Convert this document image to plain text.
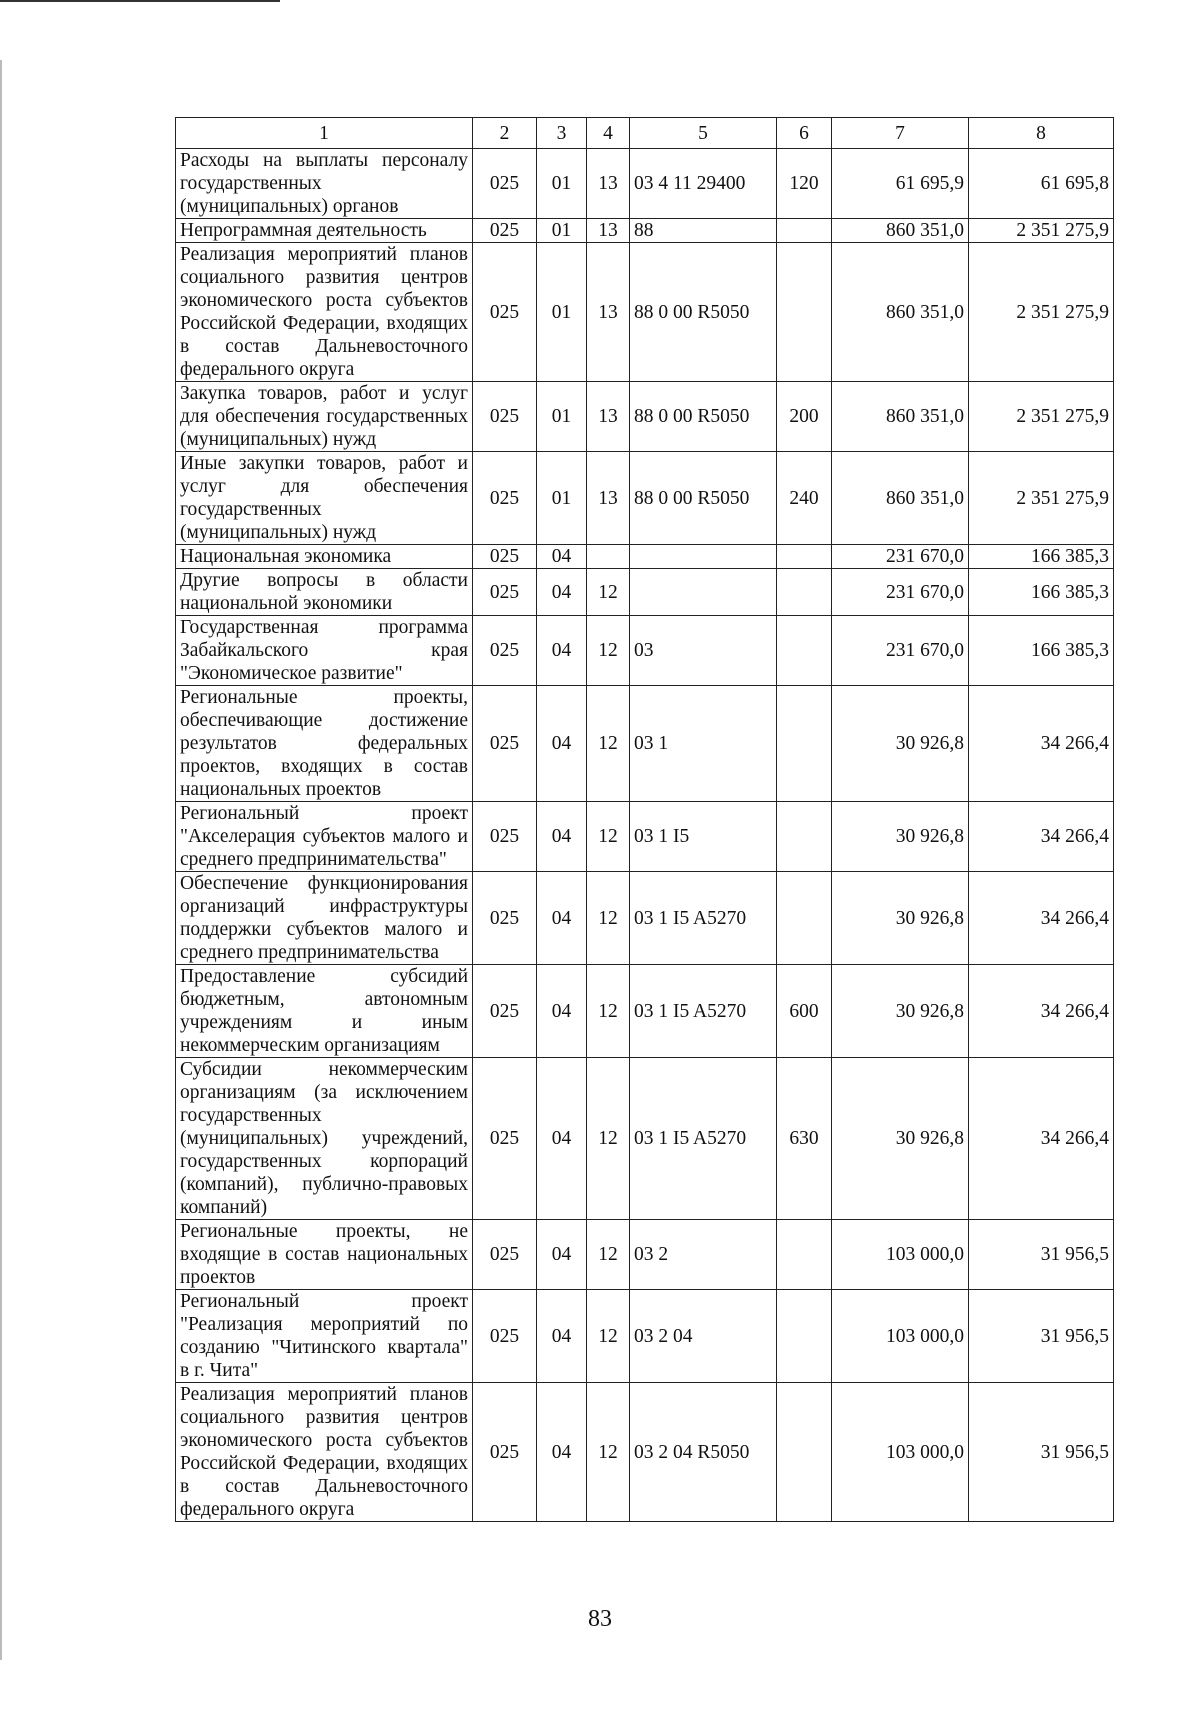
1	2	3	4	5	6	7	8
Расходы на выплаты персоналу государственных (муниципальных) органов	025	01	13	03 4 11 29400	120	61 695,9	61 695,8
Непрограммная деятельность	025	01	13	88		860 351,0	2 351 275,9
Реализация мероприятий планов социального развития центров экономического роста субъектов Российской Федерации, входящих в состав Дальневосточного федерального округа	025	01	13	88 0 00 R5050		860 351,0	2 351 275,9
Закупка товаров, работ и услуг для обеспечения государственных (муниципальных) нужд	025	01	13	88 0 00 R5050	200	860 351,0	2 351 275,9
Иные закупки товаров, работ и услуг для обеспечения государственных (муниципальных) нужд	025	01	13	88 0 00 R5050	240	860 351,0	2 351 275,9
Национальная экономика	025	04				231 670,0	166 385,3
Другие вопросы в области национальной экономики	025	04	12			231 670,0	166 385,3
Государственная программа Забайкальского края "Экономическое развитие"	025	04	12	03		231 670,0	166 385,3
Региональные проекты, обеспечивающие достижение результатов федеральных проектов, входящих в состав национальных проектов	025	04	12	03 1		30 926,8	34 266,4
Региональный проект "Акселерация субъектов малого и среднего предпринимательства"	025	04	12	03 1 I5		30 926,8	34 266,4
Обеспечение функционирования организаций инфраструктуры поддержки субъектов малого и среднего предпринимательства	025	04	12	03 1 I5 A5270		30 926,8	34 266,4
Предоставление субсидий бюджетным, автономным учреждениям и иным некоммерческим организациям	025	04	12	03 1 I5 A5270	600	30 926,8	34 266,4
Субсидии некоммерческим организациям (за исключением государственных (муниципальных) учреждений, государственных корпораций (компаний), публично-правовых компаний)	025	04	12	03 1 I5 A5270	630	30 926,8	34 266,4
Региональные проекты, не входящие в состав национальных проектов	025	04	12	03 2		103 000,0	31 956,5
Региональный проект "Реализация мероприятий по созданию "Читинского квартала" в г. Чита"	025	04	12	03 2 04		103 000,0	31 956,5
Реализация мероприятий планов социального развития центров экономического роста субъектов Российской Федерации, входящих в состав Дальневосточного федерального округа	025	04	12	03 2 04 R5050		103 000,0	31 956,5
83
